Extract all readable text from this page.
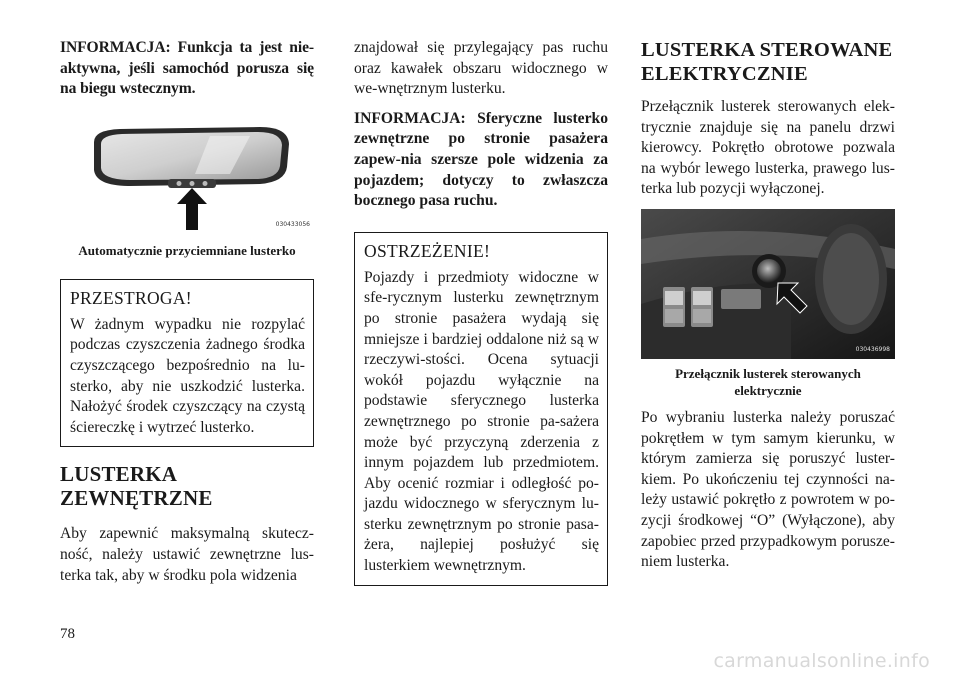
INFORMACJA: Funkcja ta jest nie-aktywna, jeśli samochód porusza się na biegu wstecznym.

030433056

Automatycznie przyciemniane lusterko

PRZESTROGA!

W żadnym wypadku nie rozpylać podczas czyszczenia żadnego środka czyszczącego bezpośrednio na lu-sterko, aby nie uszkodzić lusterka. Nałożyć środek czyszczący na czystą ściereczkę i wytrzeć lusterko.

LUSTERKA
ZEWNĘTRZNE

Aby zapewnić maksymalną skutecz-ność, należy ustawić zewnętrzne lus-terka tak, aby w środku pola widzenia

znajdował się przylegający pas ruchu oraz kawałek obszaru widocznego w we-wnętrznym lusterku.

INFORMACJA: Sferyczne lusterko zewnętrzne po stronie pasażera zapew-nia szersze pole widzenia za pojazdem; dotyczy to zwłaszcza bocznego pasa ruchu.

OSTRZEŻENIE!

Pojazdy i przedmioty widoczne w sfe-rycznym lusterku zewnętrznym po stronie pasażera wydają się mniejsze i bardziej oddalone niż są w rzeczywi-stości. Ocena sytuacji wokół pojazdu wyłącznie na podstawie sferycznego lusterka zewnętrznego po stronie pa-sażera może być przyczyną zderzenia z innym pojazdem lub przedmiotem. Aby ocenić rozmiar i odległość po-jazdu widocznego w sferycznym lu-sterku zewnętrznym po stronie pasa-żera, najlepiej posłużyć się lusterkiem wewnętrznym.

LUSTERKA STEROWANE
ELEKTRYCZNIE

Przełącznik lusterek sterowanych elek-trycznie znajduje się na panelu drzwi kierowcy. Pokrętło obrotowe pozwala na wybór lewego lusterka, prawego lus-terka lub pozycji wyłączonej.

030436998

Przełącznik lusterek sterowanych elektrycznie

Po wybraniu lusterka należy poruszać pokrętłem w tym samym kierunku, w którym zamierza się poruszyć luster-kiem. Po ukończeniu tej czynności na-leży ustawić pokrętło z powrotem w po-zycji środkowej “O” (Wyłączone), aby zapobiec przed przypadkowym porusze-niem lusterka.

78
carmanualsonline.info
